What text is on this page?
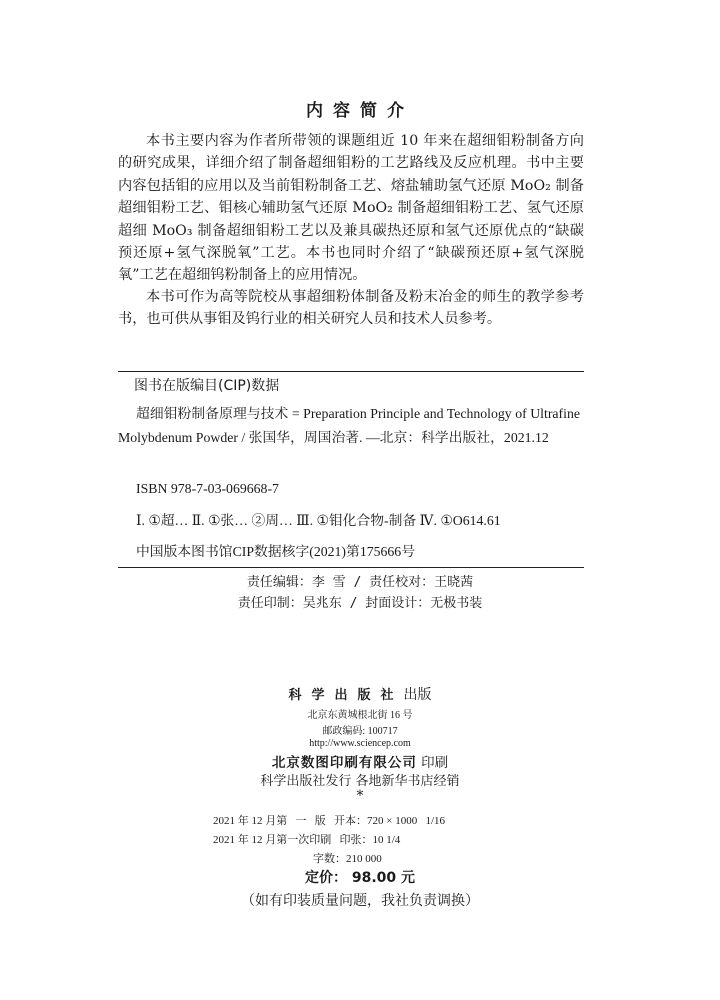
内容简介

本书主要内容为作者所带领的课题组近 10 年来在超细钼粉制备方向的研究成果，详细介绍了制备超细钼粉的工艺路线及反应机理。书中主要内容包括钼的应用以及当前钼粉制备工艺、熔盐辅助氢气还原 MoO₂ 制备超细钼粉工艺、钼核心辅助氢气还原 MoO₂ 制备超细钼粉工艺、氢气还原超细 MoO₃ 制备超细钼粉工艺以及兼具碳热还原和氢气还原优点的“缺碳预还原+氢气深脱氧”工艺。本书也同时介绍了“缺碳预还原+氢气深脱氧”工艺在超细钨粉制备上的应用情况。

本书可作为高等院校从事超细粉体制备及粉末冶金的师生的教学参考书，也可供从事钼及钨行业的相关研究人员和技术人员参考。

图书在版编目(CIP)数据

超细钼粉制备原理与技术 = Preparation Principle and Technology of Ultrafine Molybdenum Powder / 张国华，周国治著. —北京：科学出版社，2021.12

ISBN 978-7-03-069668-7
Ⅰ. ①超… Ⅱ. ①张… ②周… Ⅲ. ①钼化合物-制备 Ⅳ. ①O614.61
中国版本图书馆CIP数据核字(2021)第175666号
责任编辑：李 雪 / 责任校对：王晓茜
责任印制：吴兆东 / 封面设计：无极书装
科学出版社出版
北京东黄城根北街 16 号
邮政编码: 100717
http://www.sciencep.com
北京数图印刷有限公司 印刷
科学出版社发行 各地新华书店经销
*
2021 年 12 月第   一   版   开本：720 × 1000   1/16
2021 年 12 月第一次印刷   印张：10 1/4
字数：210 000
定价： 98.00 元
（如有印装质量问题，我社负责调换）
